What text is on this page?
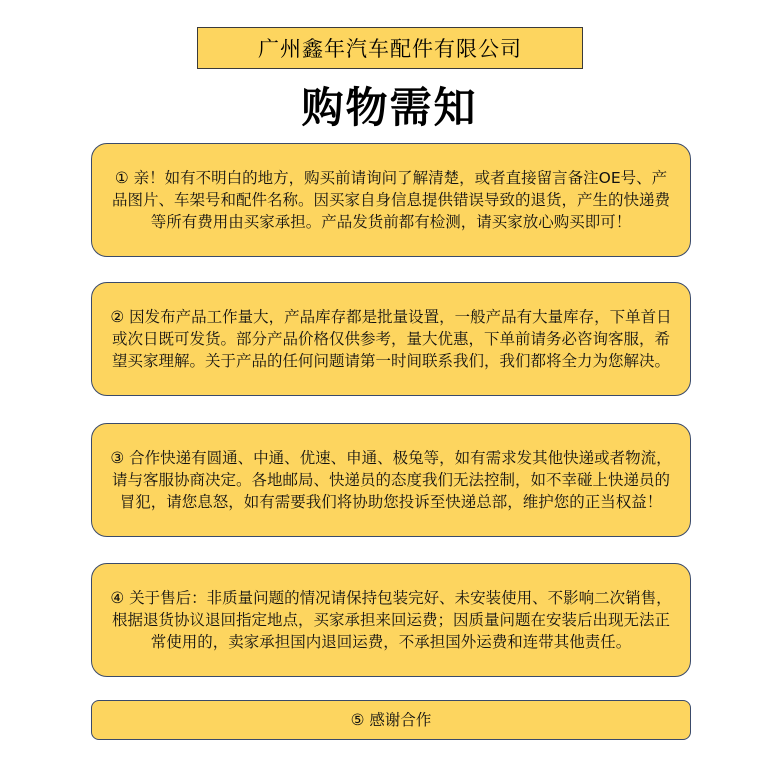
广州鑫年汽车配件有限公司
购物需知

① 亲！如有不明白的地方，购买前请询问了解清楚，或者直接留言备注OE号、产品图片、车架号和配件名称。因买家自身信息提供错误导致的退货，产生的快递费等所有费用由买家承担。产品发货前都有检测，请买家放心购买即可！

② 因发布产品工作量大，产品库存都是批量设置，一般产品有大量库存，下单首日或次日既可发货。部分产品价格仅供参考，量大优惠，下单前请务必咨询客服，希望买家理解。关于产品的任何问题请第一时间联系我们，我们都将全力为您解决。

③ 合作快递有圆通、中通、优速、申通、极兔等，如有需求发其他快递或者物流，请与客服协商决定。各地邮局、快递员的态度我们无法控制，如不幸碰上快递员的冒犯，请您息怒，如有需要我们将协助您投诉至快递总部，维护您的正当权益！

④ 关于售后：非质量问题的情况请保持包装完好、未安装使用、不影响二次销售，根据退货协议退回指定地点，买家承担来回运费；因质量问题在安装后出现无法正常使用的，卖家承担国内退回运费，不承担国外运费和连带其他责任。

⑤ 感谢合作
